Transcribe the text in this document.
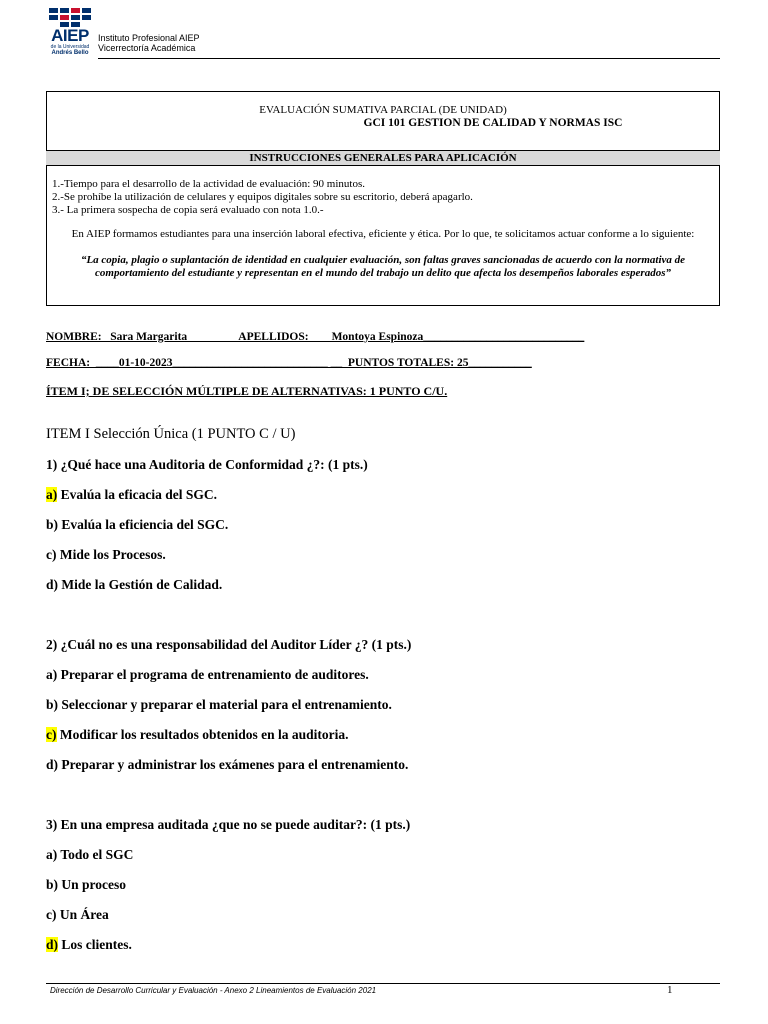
AIEP
de la Universidad
Andrés Bello
Instituto Profesional AIEP
Vicerrectoría Académica
EVALUACIÓN SUMATIVA PARCIAL (DE UNIDAD)
GCI 101 GESTION DE CALIDAD Y NORMAS ISC
INSTRUCCIONES GENERALES PARA APLICACIÓN
1.-Tiempo para el desarrollo de la actividad de evaluación: 90 minutos.
2.-Se prohíbe la utilización de celulares y equipos digitales sobre su escritorio, deberá apagarlo.
3.- La primera sospecha de copia será evaluado con nota 1.0.-
En AIEP formamos estudiantes para una inserción laboral efectiva, eficiente y ética. Por lo que, te solicitamos actuar conforme a lo siguiente:
“La copia, plagio o suplantación de identidad en cualquier evaluación, son faltas graves sancionadas de acuerdo con la normativa de comportamiento del estudiante y representan en el mundo del trabajo un delito que afecta los desempeños laborales esperados”
NOMBRE:   Sara Margarita                  APELLIDOS:        Montoya Espinoza____________________________
FECHA:  ____01-10-2023___________________________ __  PUNTOS TOTALES: 25___________
ÍTEM I; DE SELECCIÓN MÚLTIPLE DE ALTERNATIVAS: 1 PUNTO C/U.
ITEM I Selección Única (1 PUNTO C / U)
1) ¿Qué hace una Auditoria de Conformidad ¿?: (1 pts.)
a) Evalúa la eficacia del SGC.
b) Evalúa la eficiencia del SGC.
c) Mide los Procesos.
d) Mide la Gestión de Calidad.
2) ¿Cuál no es una responsabilidad del Auditor Líder ¿? (1 pts.)
a) Preparar el programa de entrenamiento de auditores.
b) Seleccionar y preparar el material para el entrenamiento.
c) Modificar los resultados obtenidos en la auditoria.
d) Preparar y administrar los exámenes para el entrenamiento.
3) En una empresa auditada ¿que no se puede auditar?: (1 pts.)
a) Todo el SGC
b) Un proceso
c) Un Área
d) Los clientes.
Dirección de Desarrollo Curricular y Evaluación - Anexo 2 Lineamientos de Evaluación 2021	1
